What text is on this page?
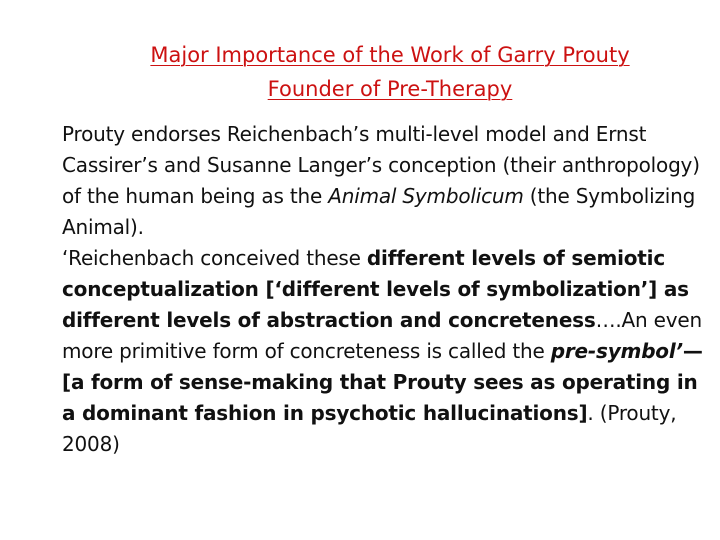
Major Importance of the Work of Garry Prouty
Founder of Pre-Therapy

Prouty endorses Reichenbach’s multi-level model and Ernst Cassirer’s and Susanne Langer’s conception (their anthropology) of the human being as the Animal Symbolicum (the Symbolizing Animal).

‘Reichenbach conceived these different levels of semiotic conceptualization [‘different levels of symbolization’] as different levels of abstraction and concreteness….An even more primitive form of concreteness is called the pre-symbol’—[a form of sense-making that Prouty sees as operating in a dominant fashion in psychotic hallucinations]. (Prouty, 2008)
